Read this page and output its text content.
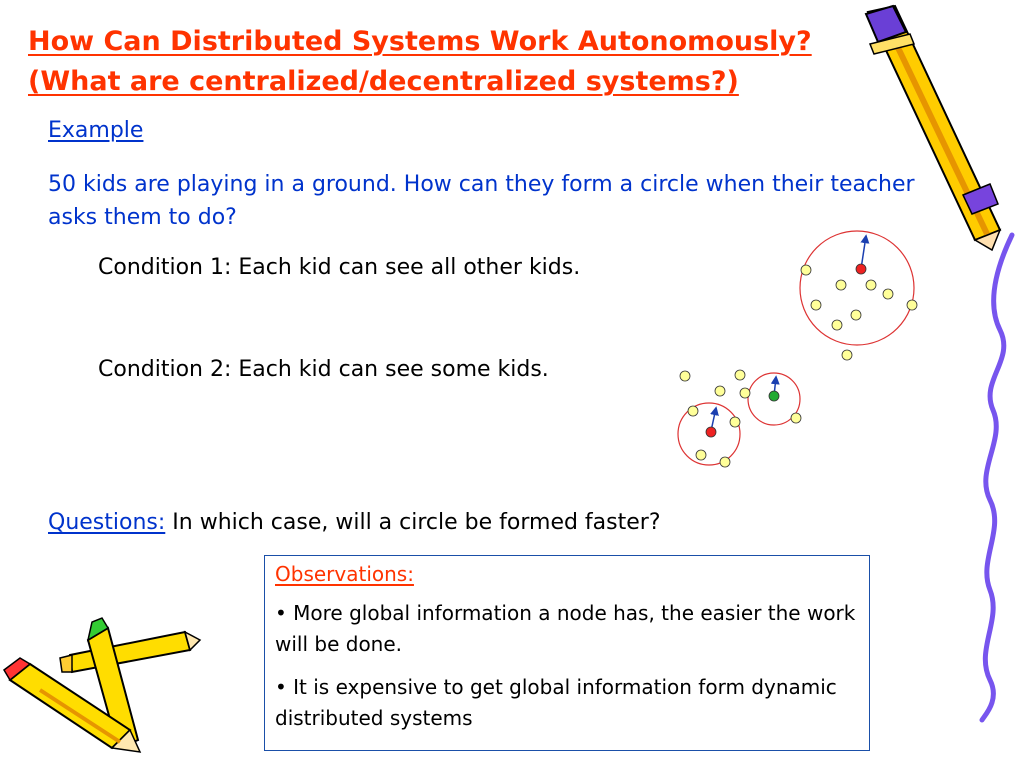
How Can Distributed Systems Work Autonomously?
(What are centralized/decentralized systems?)
Example
50 kids are playing in a ground. How can they form a circle when their teacher asks them to do?
Condition 1: Each kid can see all other kids.
Condition 2: Each kid can see some kids.
Questions: In which case, will a circle be formed faster?
Observations:
• More global information a node has, the easier the work will be done.
• It is expensive to get global information form dynamic distributed systems
